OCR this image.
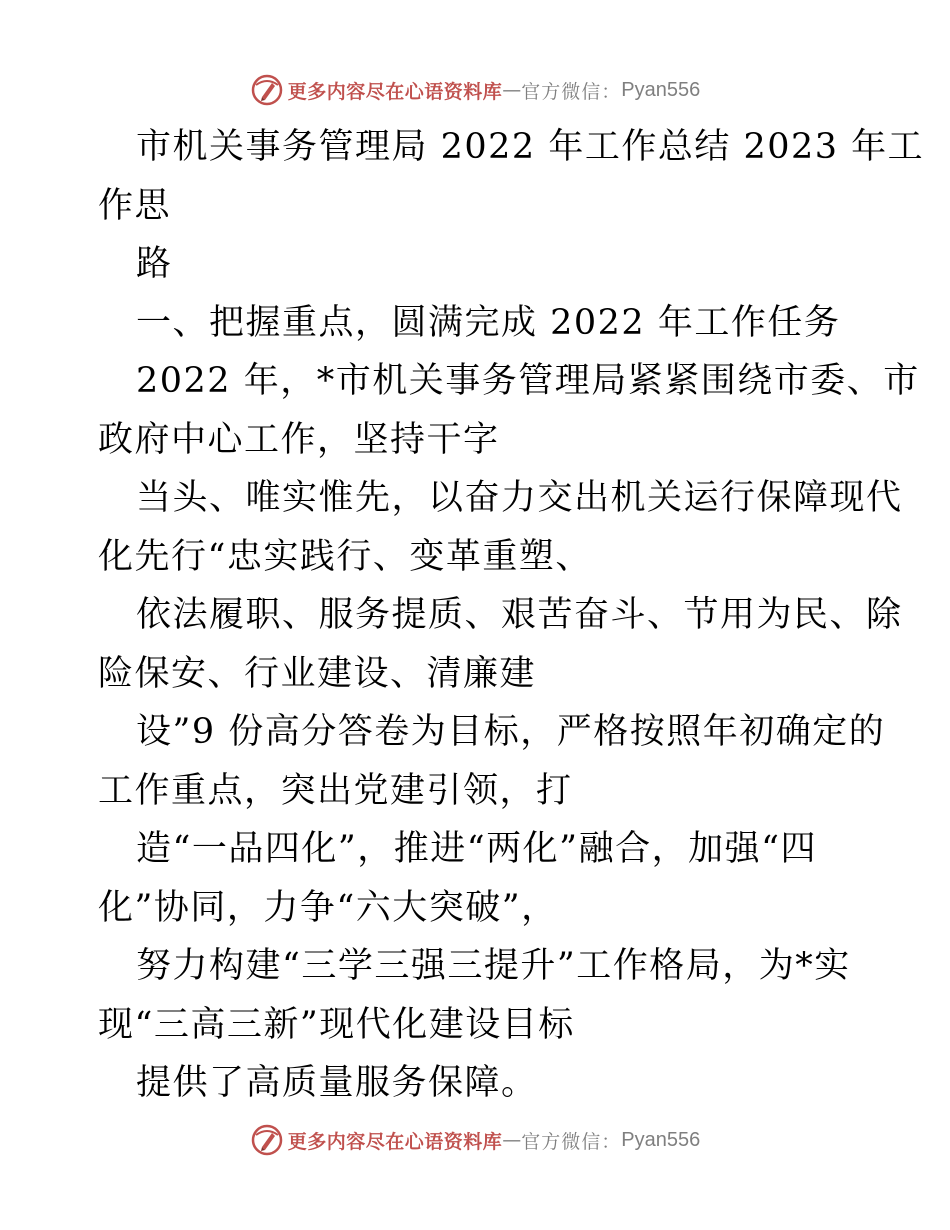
更多内容尽在心语资料库 — 官方微信： Pyan556

市机关事务管理局 2022 年工作总结 2023 年工

作思

路

一、把握重点，圆满完成 2022 年工作任务

2022 年，*市机关事务管理局紧紧围绕市委、市

政府中心工作，坚持干字

当头、唯实惟先，以奋力交出机关运行保障现代

化先行“忠实践行、变革重塑、

依法履职、服务提质、艰苦奋斗、节用为民、除

险保安、行业建设、清廉建

设”9 份高分答卷为目标，严格按照年初确定的

工作重点，突出党建引领，打

造“一品四化”，推进“两化”融合，加强“四

化”协同，力争“六大突破”，

努力构建“三学三强三提升”工作格局，为*实

现“三高三新”现代化建设目标

提供了高质量服务保障。

更多内容尽在心语资料库 — 官方微信： Pyan556
